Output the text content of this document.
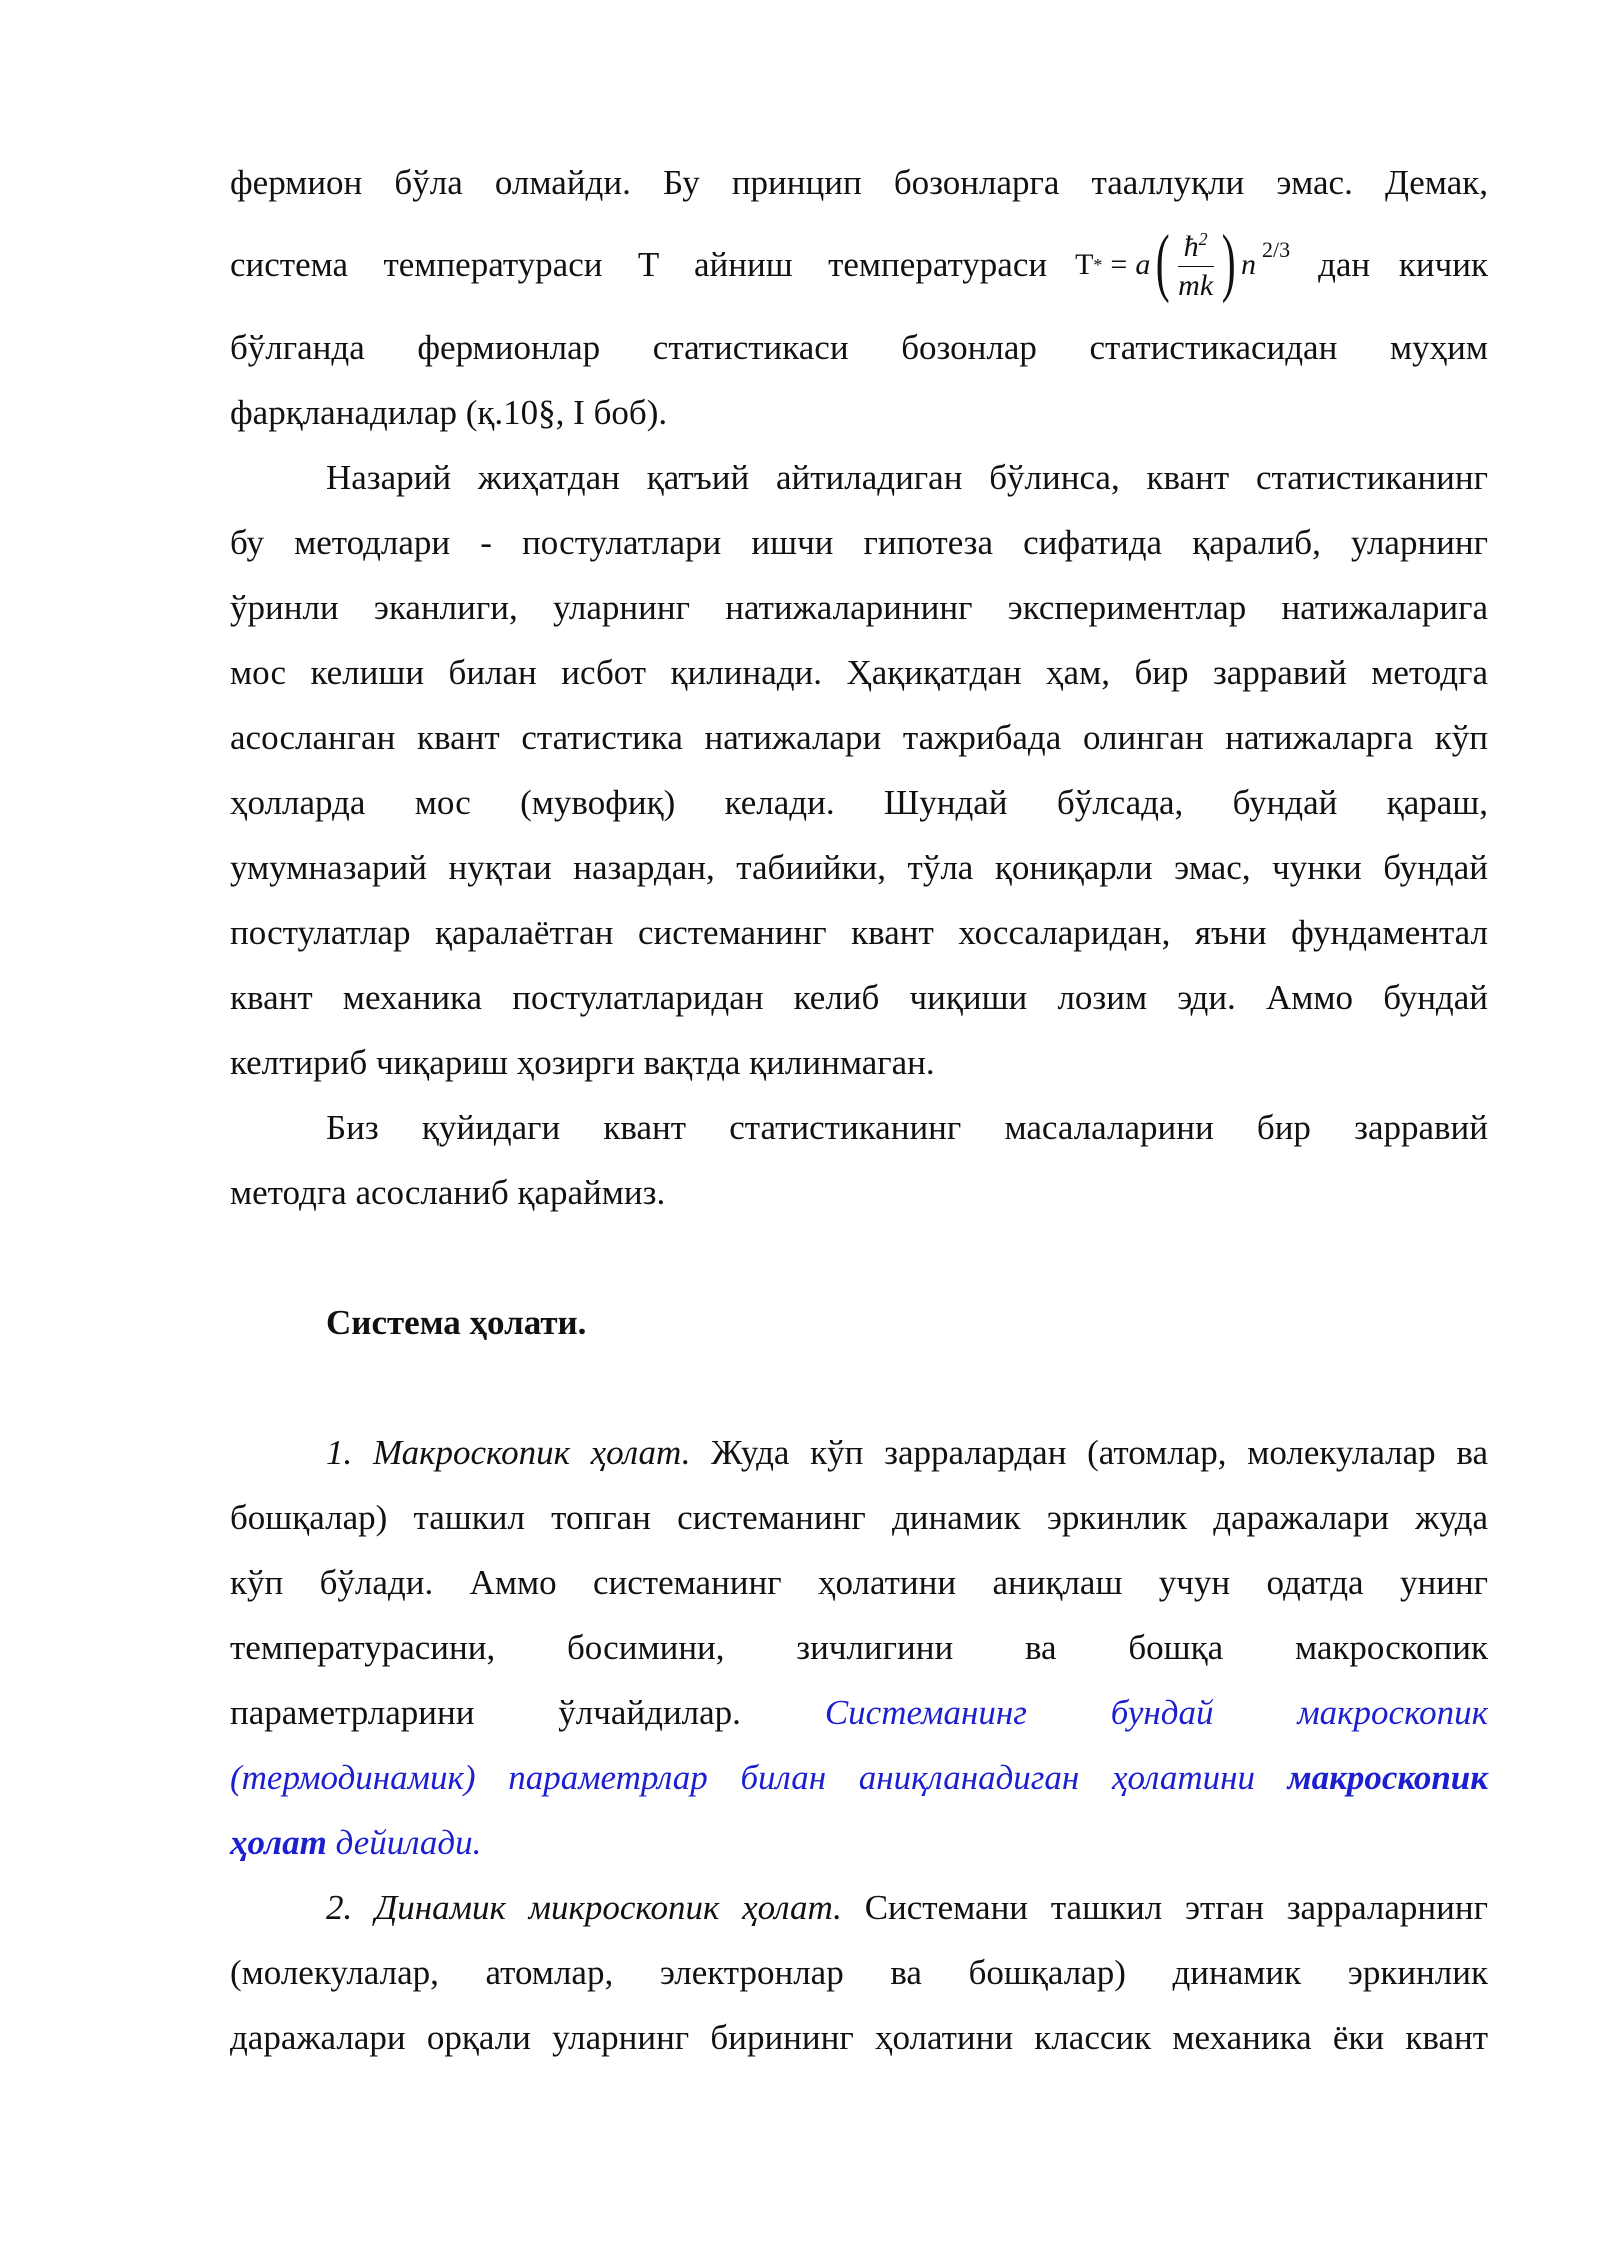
фермион бўла олмайди. Бу принцип бозонларга тааллуқли эмас. Демак,
система температураси T айниш температураси T * = a ( $\frac{ħ^2}{mk}$ ) n 2/3 дан кичик
бўлганда фермионлар статистикаси бозонлар статистикасидан муҳим
фарқланадилар (қ.10§, I боб).
Назарий жиҳатдан қатъий айтиладиган бўлинса, квант статистиканинг
бу методлари - постулатлари ишчи гипотеза сифатида қаралиб, уларнинг
ўринли эканлиги, уларнинг натижаларининг экспериментлар натижаларига
мос келиши билан исбот қилинади. Ҳақиқатдан ҳам, бир зарравий методга
асосланган квант статистика натижалари тажрибада олинган натижаларга кўп
ҳолларда мос (мувофиқ) келади. Шундай бўлсада, бундай қараш,
умумназарий нуқтаи назардан, табиийки, тўла қониқарли эмас, чунки бундай
постулатлар қаралаётган системанинг квант хоссаларидан, яъни фундаментал
квант механика постулатларидан келиб чиқиши лозим эди. Аммо бундай
келтириб чиқариш ҳозирги вақтда қилинмаган.
Биз қуйидаги квант статистиканинг масалаларини бир зарравий
методга асосланиб қараймиз.
Система ҳолати.
1. Макроскопик ҳолат. Жуда кўп зарралардан (атомлар, молекулалар ва
бошқалар) ташкил топган системанинг динамик эркинлик даражалари жуда
кўп бўлади. Аммо системанинг ҳолатини аниқлаш учун одатда унинг
температурасини, босимини, зичлигини ва бошқа макроскопик
параметрларини ўлчайдилар. Системанинг бундай макроскопик
(термодинамик) параметрлар билан аниқланадиган ҳолатини макроскопик
ҳолат дейилади.
2. Динамик микроскопик ҳолат. Системани ташкил этган зарраларнинг
(молекулалар, атомлар, электронлар ва бошқалар) динамик эркинлик
даражалари орқали уларнинг бирининг ҳолатини классик механика ёки квант
